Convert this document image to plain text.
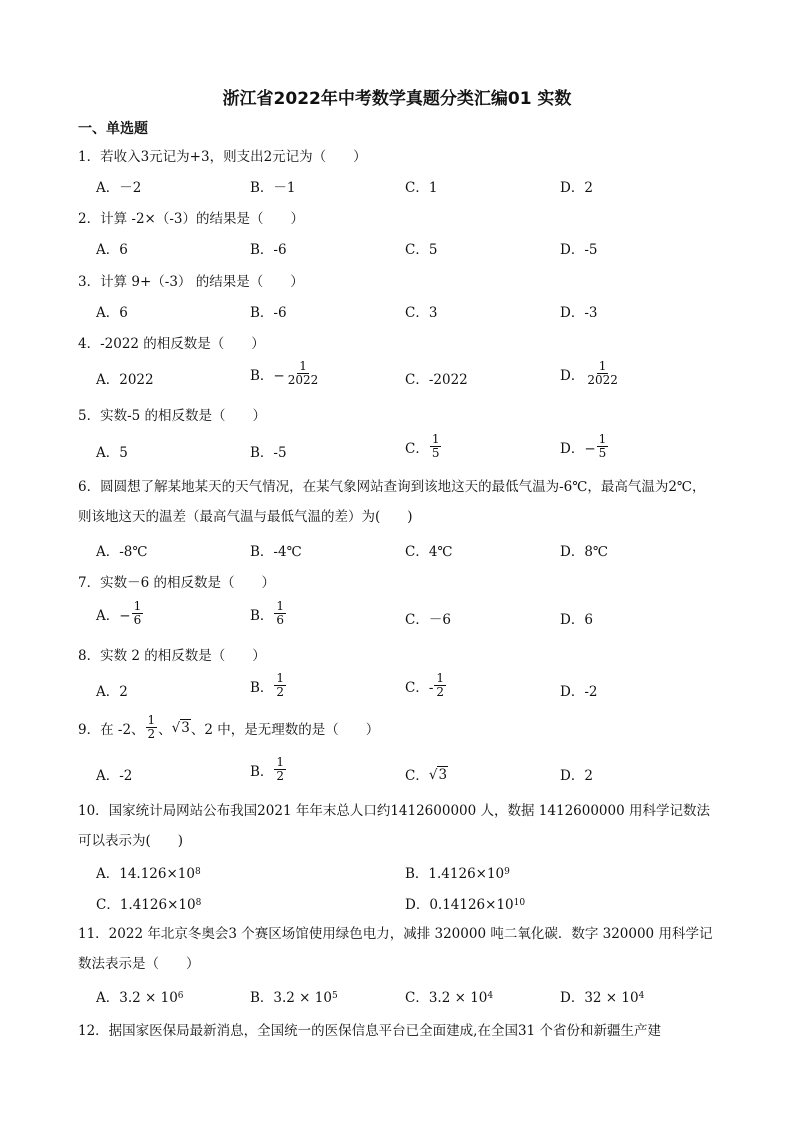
浙江省2022年中考数学真题分类汇编01 实数
一、单选题
1．若收入3元记为+3，则支出2元记为（　　）
A．－2	B．－1	C．1	D．2
2．计算 -2×（-3）的结果是（　　）
A．6	B．-6	C．5	D．-5
3．计算 9+（-3） 的结果是（　　）
A．6	B．-6	C．3	D．-3
4．-2022 的相反数是（　　）
A．2022	B．− $\frac{1}{2022}$	C．-2022	D． $\frac{1}{2022}$
5．实数-5 的相反数是（　　）
A．5	B．-5	C． $\frac{1}{5}$	D．− $\frac{1}{5}$
6．圆圆想了解某地某天的天气情况，在某气象网站查询到该地这天的最低气温为-6℃，最高气温为2℃，则该地这天的温差（最高气温与最低气温的差）为(　　)
A．-8℃	B．-4℃	C．4℃	D．8℃
7．实数－6 的相反数是（　　）
A．− $\frac{1}{6}$	B． $\frac{1}{6}$	C．－6	D．6
8．实数 2 的相反数是（　　）
A．2	B． $\frac{1}{2}$	C．- $\frac{1}{2}$	D．-2
9．在 -2、 $\frac{1}{2}$ 、 √ 3 、2 中，是无理数的是（　　）
A．-2	B． $\frac{1}{2}$	C． √ 3	D．2
10．国家统计局网站公布我国2021 年年末总人口约1412600000 人，数据 1412600000 用科学记数法可以表示为(　　)
A．14.126×10 8	B．1.4126×10 9
C．1.4126×10 8	D．0.14126×10 10
11．2022 年北京冬奥会3 个赛区场馆使用绿色电力，减排 320000 吨二氧化碳．数字 320000 用科学记数法表示是（　　）
A．3.2 × 10 6	B．3.2 × 10 5	C．3.2 × 10 4	D．32 × 10 4
12．据国家医保局最新消息，全国统一的医保信息平台已全面建成,在全国31 个省份和新疆生产建
